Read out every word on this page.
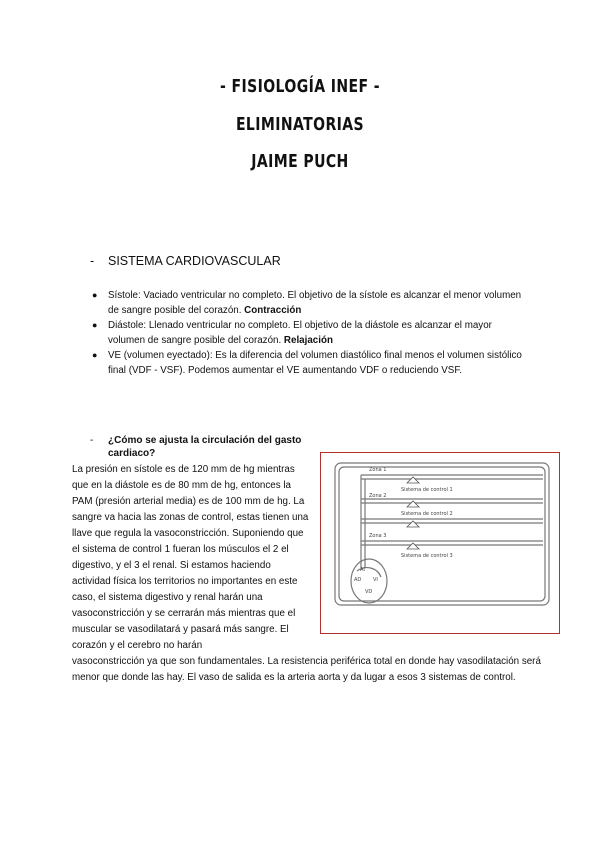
- FISIOLOGÍA INEF -
ELIMINATORIAS
JAIME PUCH
- SISTEMA CARDIOVASCULAR
● Sístole: Vaciado ventricular no completo. El objetivo de la sístole es alcanzar el menor volumen de sangre posible del corazón. Contracción
● Diástole: Llenado ventricular no completo. El objetivo de la diástole es alcanzar el mayor volumen de sangre posible del corazón. Relajación
● VE (volumen eyectado): Es la diferencia del volumen diastólico final menos el volumen sistólico final (VDF - VSF). Podemos aumentar el VE aumentando VDF o reduciendo VSF.
-	¿Cómo se ajusta la circulación del gasto cardiaco?
La presión en sístole es de 120 mm de hg mientras que en la diástole es de 80 mm de hg, entonces la PAM (presión arterial media) es de 100 mm de hg. La sangre va hacia las zonas de control, estas tienen una llave que regula la vasoconstricción. Suponiendo que el sistema de control 1 fueran los músculos el 2 el digestivo, y el 3 el renal. Si estamos haciendo actividad física los territorios no importantes en este caso, el sistema digestivo y renal harán una vasoconstricción y se cerrarán más mientras que el muscular se vasodilatará y pasará más sangre. El corazón y el cerebro no harán
Zona 1
Zona 2
Zona 3
Sistema de control 1
Sistema de control 2
Sistema de control 3
AI
AD VI
VD
vasoconstricción ya que son fundamentales. La resistencia periférica total en donde hay vasodilatación será menor que donde las hay. El vaso de salida es la arteria aorta y da lugar a esos 3 sistemas de control.
